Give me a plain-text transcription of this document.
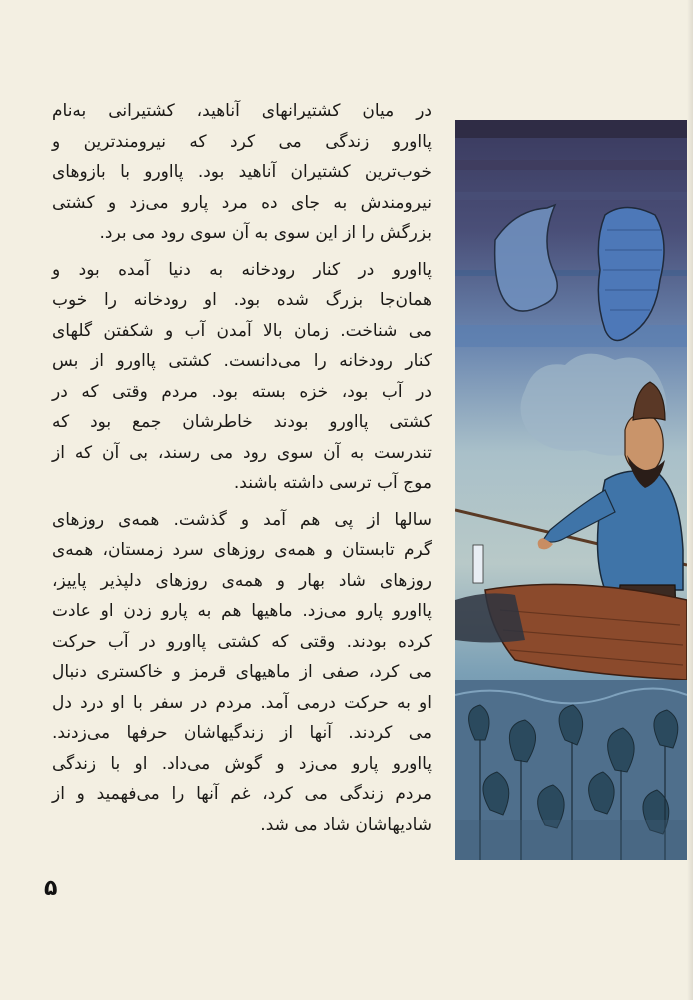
در میان کشتیرانهای آناهید، کشتیرانی به‌نام
پااورو زندگی می کرد که نیرومندترین و
خوب‌ترین کشتیران آناهید بود. پااورو با بازوهای
نیرومندش به جای ده مرد پارو می‌زد و کشتی
بزرگش را از این سوی به آن سوی رود می برد.
پااورو در کنار رودخانه به دنیا آمده بود و
همان‌جا بزرگ شده بود. او رودخانه را خوب
می شناخت. زمان بالا آمدن آب و شکفتن گلهای
کنار رودخانه را می‌دانست. کشتی پااورو از بس
در آب بود، خزه بسته بود. مردم وقتی که در
کشتی پااورو بودند خاطرشان جمع بود که
تندرست به آن سوی رود می رسند، بی آن که از
موج آب ترسی داشته باشند.
سالها از پی هم آمد و گذشت. همه‌ی روزهای
گرم تابستان و همه‌ی روزهای سرد زمستان، همه‌ی
روزهای شاد بهار و همه‌ی روزهای دلپذیر پاییز،
پااورو پارو می‌زد. ماهیها هم به پارو زدن او عادت
کرده بودند. وقتی که کشتی پااورو در آب حرکت
می کرد، صفی از ماهیهای قرمز و خاکستری دنبال
او به حرکت درمی آمد. مردم در سفر با او درد دل
می کردند. آنها از زندگیهاشان حرفها می‌زدند.
پااورو پارو می‌زد و گوش می‌داد. او با زندگی
مردم زندگی می کرد، غم آنها را می‌فهمید و از
شادیهاشان شاد می شد.
۵
